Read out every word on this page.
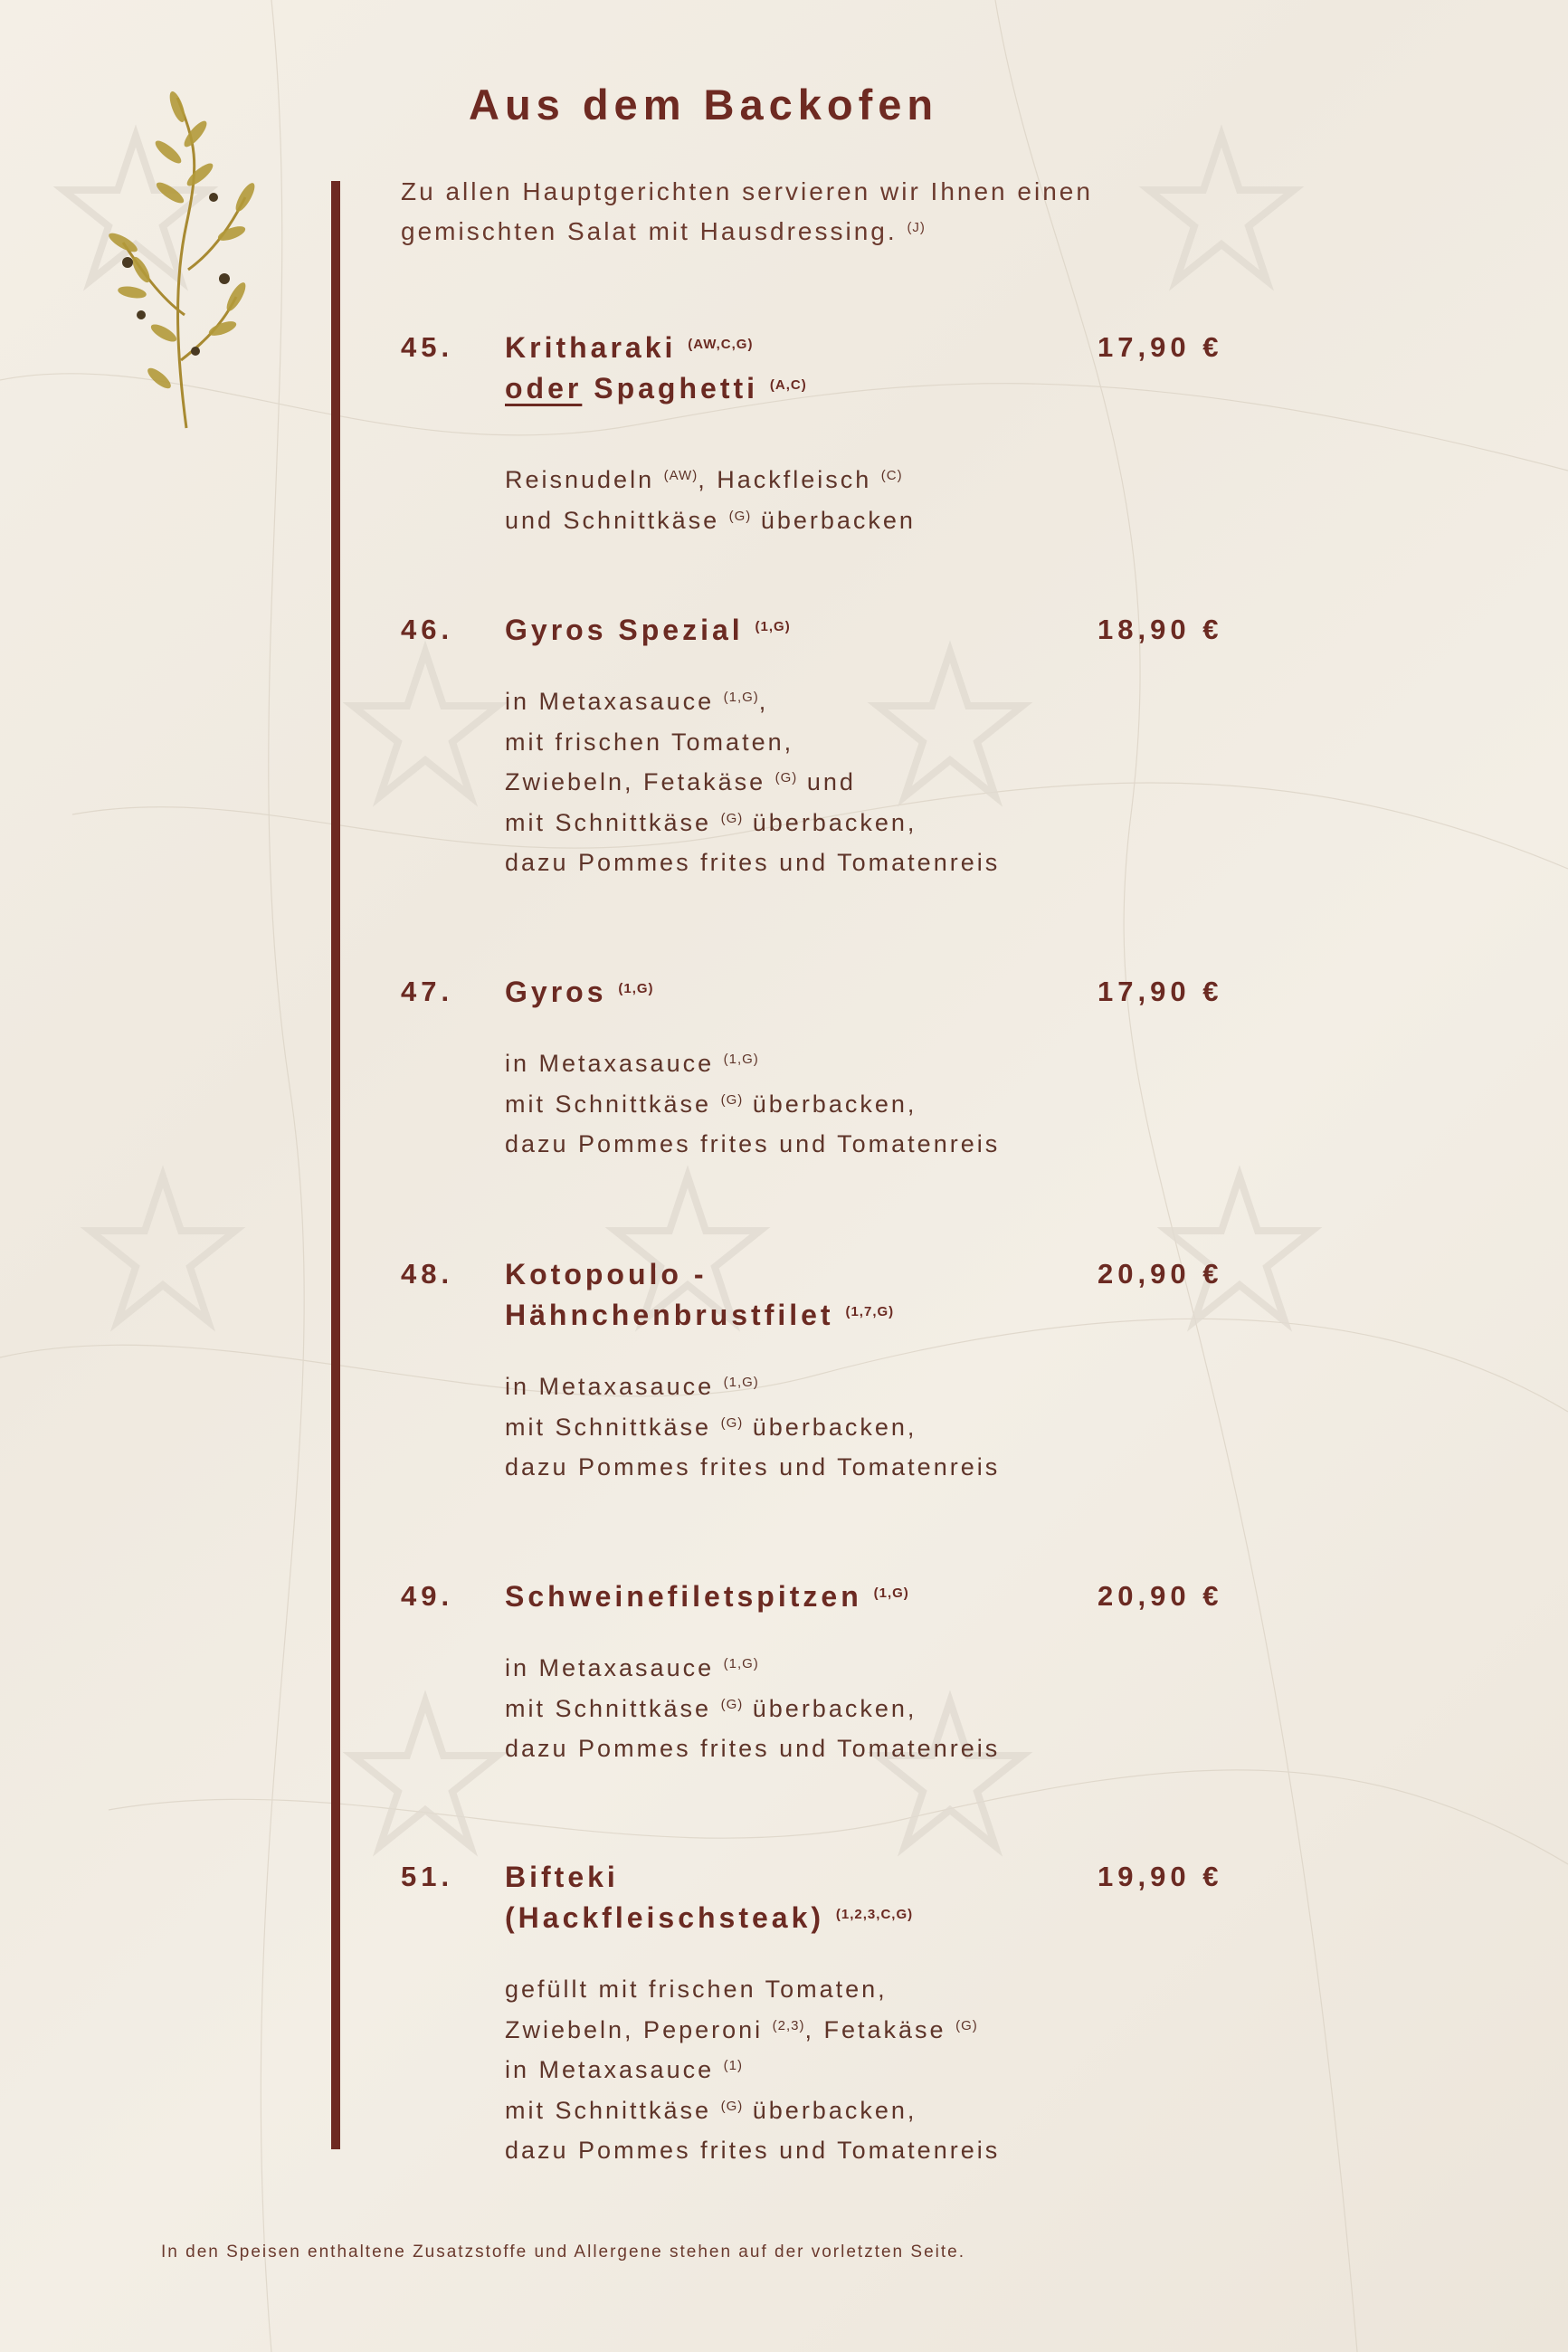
Aus dem Backofen
Zu allen Hauptgerichten servieren wir Ihnen einen
gemischten Salat mit Hausdressing. $^{(J)}$
45. Kritharaki $^{(AW,C,G)}$
oder Spaghetti $^{(A,C)}$
17,90 €
Reisnudeln $^{(AW)}$, Hackfleisch $^{(C)}$
und Schnittkäse $^{(G)}$ überbacken
46. Gyros Spezial $^{(1,G)}$	18,90 €
in Metaxasauce $^{(1,G)}$,
mit frischen Tomaten,
Zwiebeln, Fetakäse $^{(G)}$ und
mit Schnittkäse $^{(G)}$ überbacken,
dazu Pommes frites und Tomatenreis
47. Gyros $^{(1,G)}$	17,90 €
in Metaxasauce $^{(1,G)}$
mit Schnittkäse $^{(G)}$ überbacken,
dazu Pommes frites und Tomatenreis
48. Kotopoulo -
Hähnchenbrustfilet $^{(1,7,G)}$
20,90 €
in Metaxasauce $^{(1,G)}$
mit Schnittkäse $^{(G)}$ überbacken,
dazu Pommes frites und Tomatenreis
49. Schweinefiletspitzen $^{(1,G)}$	20,90 €
in Metaxasauce $^{(1,G)}$
mit Schnittkäse $^{(G)}$ überbacken,
dazu Pommes frites und Tomatenreis
51. Bifteki
(Hackfleischsteak) $^{(1,2,3,C,G)}$
19,90 €
gefüllt mit frischen Tomaten,
Zwiebeln, Peperoni $^{(2,3)}$, Fetakäse $^{(G)}$
in Metaxasauce $^{(1)}$
mit Schnittkäse $^{(G)}$ überbacken,
dazu Pommes frites und Tomatenreis
In den Speisen enthaltene Zusatzstoffe und Allergene stehen auf der vorletzten Seite.
